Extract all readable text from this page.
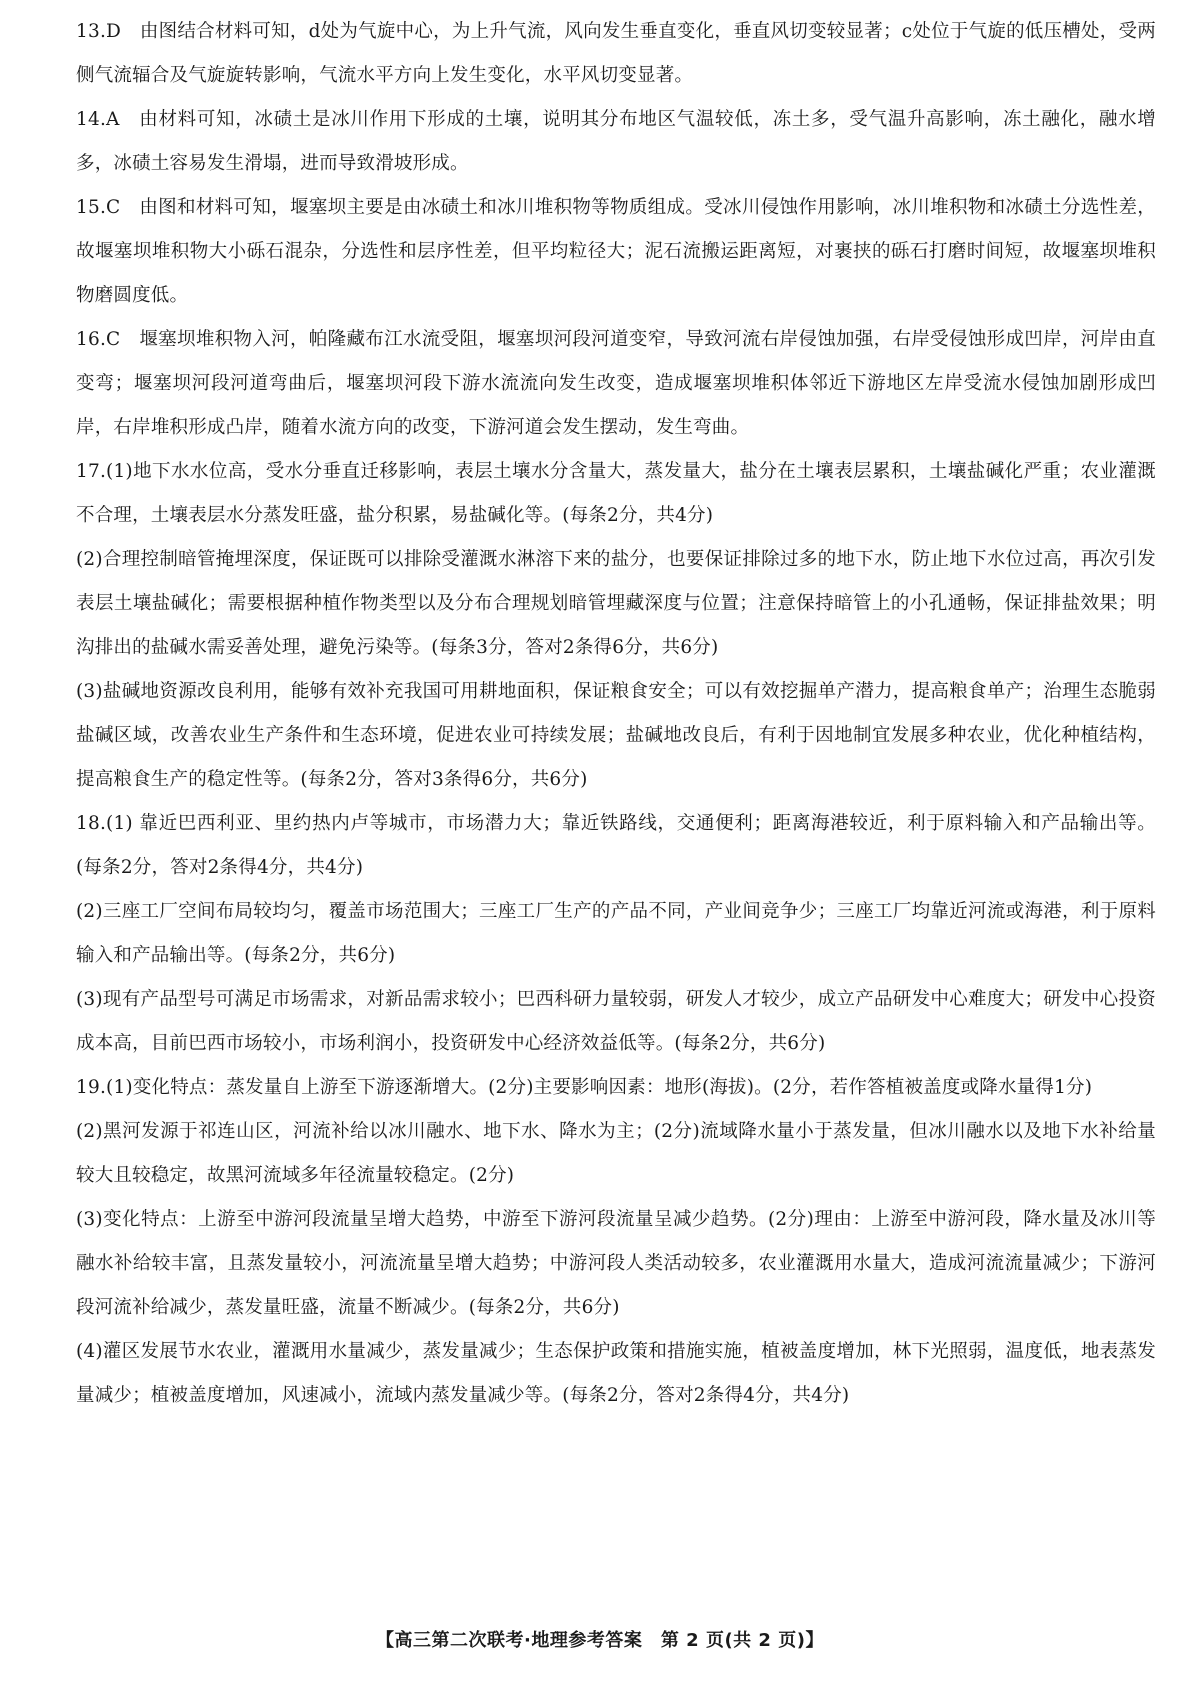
13.D　由图结合材料可知，d处为气旋中心，为上升气流，风向发生垂直变化，垂直风切变较显著；c处位于气旋的低压槽处，受两侧气流辐合及气旋旋转影响，气流水平方向上发生变化，水平风切变显著。

14.A　由材料可知，冰碛土是冰川作用下形成的土壤，说明其分布地区气温较低，冻土多，受气温升高影响，冻土融化，融水增多，冰碛土容易发生滑塌，进而导致滑坡形成。

15.C　由图和材料可知，堰塞坝主要是由冰碛土和冰川堆积物等物质组成。受冰川侵蚀作用影响，冰川堆积物和冰碛土分选性差，故堰塞坝堆积物大小砾石混杂，分选性和层序性差，但平均粒径大；泥石流搬运距离短，对裹挟的砾石打磨时间短，故堰塞坝堆积物磨圆度低。

16.C　堰塞坝堆积物入河，帕隆藏布江水流受阻，堰塞坝河段河道变窄，导致河流右岸侵蚀加强，右岸受侵蚀形成凹岸，河岸由直变弯；堰塞坝河段河道弯曲后，堰塞坝河段下游水流流向发生改变，造成堰塞坝堆积体邻近下游地区左岸受流水侵蚀加剧形成凹岸，右岸堆积形成凸岸，随着水流方向的改变，下游河道会发生摆动，发生弯曲。

17.(1)地下水水位高，受水分垂直迁移影响，表层土壤水分含量大，蒸发量大，盐分在土壤表层累积，土壤盐碱化严重；农业灌溉不合理，土壤表层水分蒸发旺盛，盐分积累，易盐碱化等。(每条2分，共4分)

(2)合理控制暗管掩埋深度，保证既可以排除受灌溉水淋溶下来的盐分，也要保证排除过多的地下水，防止地下水位过高，再次引发表层土壤盐碱化；需要根据种植作物类型以及分布合理规划暗管埋藏深度与位置；注意保持暗管上的小孔通畅，保证排盐效果；明沟排出的盐碱水需妥善处理，避免污染等。(每条3分，答对2条得6分，共6分)

(3)盐碱地资源改良利用，能够有效补充我国可用耕地面积，保证粮食安全；可以有效挖掘单产潜力，提高粮食单产；治理生态脆弱盐碱区域，改善农业生产条件和生态环境，促进农业可持续发展；盐碱地改良后，有利于因地制宜发展多种农业，优化种植结构，提高粮食生产的稳定性等。(每条2分，答对3条得6分，共6分)

18.(1) 靠近巴西利亚、里约热内卢等城市，市场潜力大；靠近铁路线，交通便利；距离海港较近，利于原料输入和产品输出等。(每条2分，答对2条得4分，共4分)

(2)三座工厂空间布局较均匀，覆盖市场范围大；三座工厂生产的产品不同，产业间竞争少；三座工厂均靠近河流或海港，利于原料输入和产品输出等。(每条2分，共6分)

(3)现有产品型号可满足市场需求，对新品需求较小；巴西科研力量较弱，研发人才较少，成立产品研发中心难度大；研发中心投资成本高，目前巴西市场较小，市场利润小，投资研发中心经济效益低等。(每条2分，共6分)

19.(1)变化特点：蒸发量自上游至下游逐渐增大。(2分)主要影响因素：地形(海拔)。(2分，若作答植被盖度或降水量得1分)

(2)黑河发源于祁连山区，河流补给以冰川融水、地下水、降水为主；(2分)流域降水量小于蒸发量，但冰川融水以及地下水补给量较大且较稳定，故黑河流域多年径流量较稳定。(2分)

(3)变化特点：上游至中游河段流量呈增大趋势，中游至下游河段流量呈减少趋势。(2分)理由：上游至中游河段，降水量及冰川等融水补给较丰富，且蒸发量较小，河流流量呈增大趋势；中游河段人类活动较多，农业灌溉用水量大，造成河流流量减少；下游河段河流补给减少，蒸发量旺盛，流量不断减少。(每条2分，共6分)

(4)灌区发展节水农业，灌溉用水量减少，蒸发量减少；生态保护政策和措施实施，植被盖度增加，林下光照弱，温度低，地表蒸发量减少；植被盖度增加，风速减小，流域内蒸发量减少等。(每条2分，答对2条得4分，共4分)

【高三第二次联考·地理参考答案　第 2 页(共 2 页)】
